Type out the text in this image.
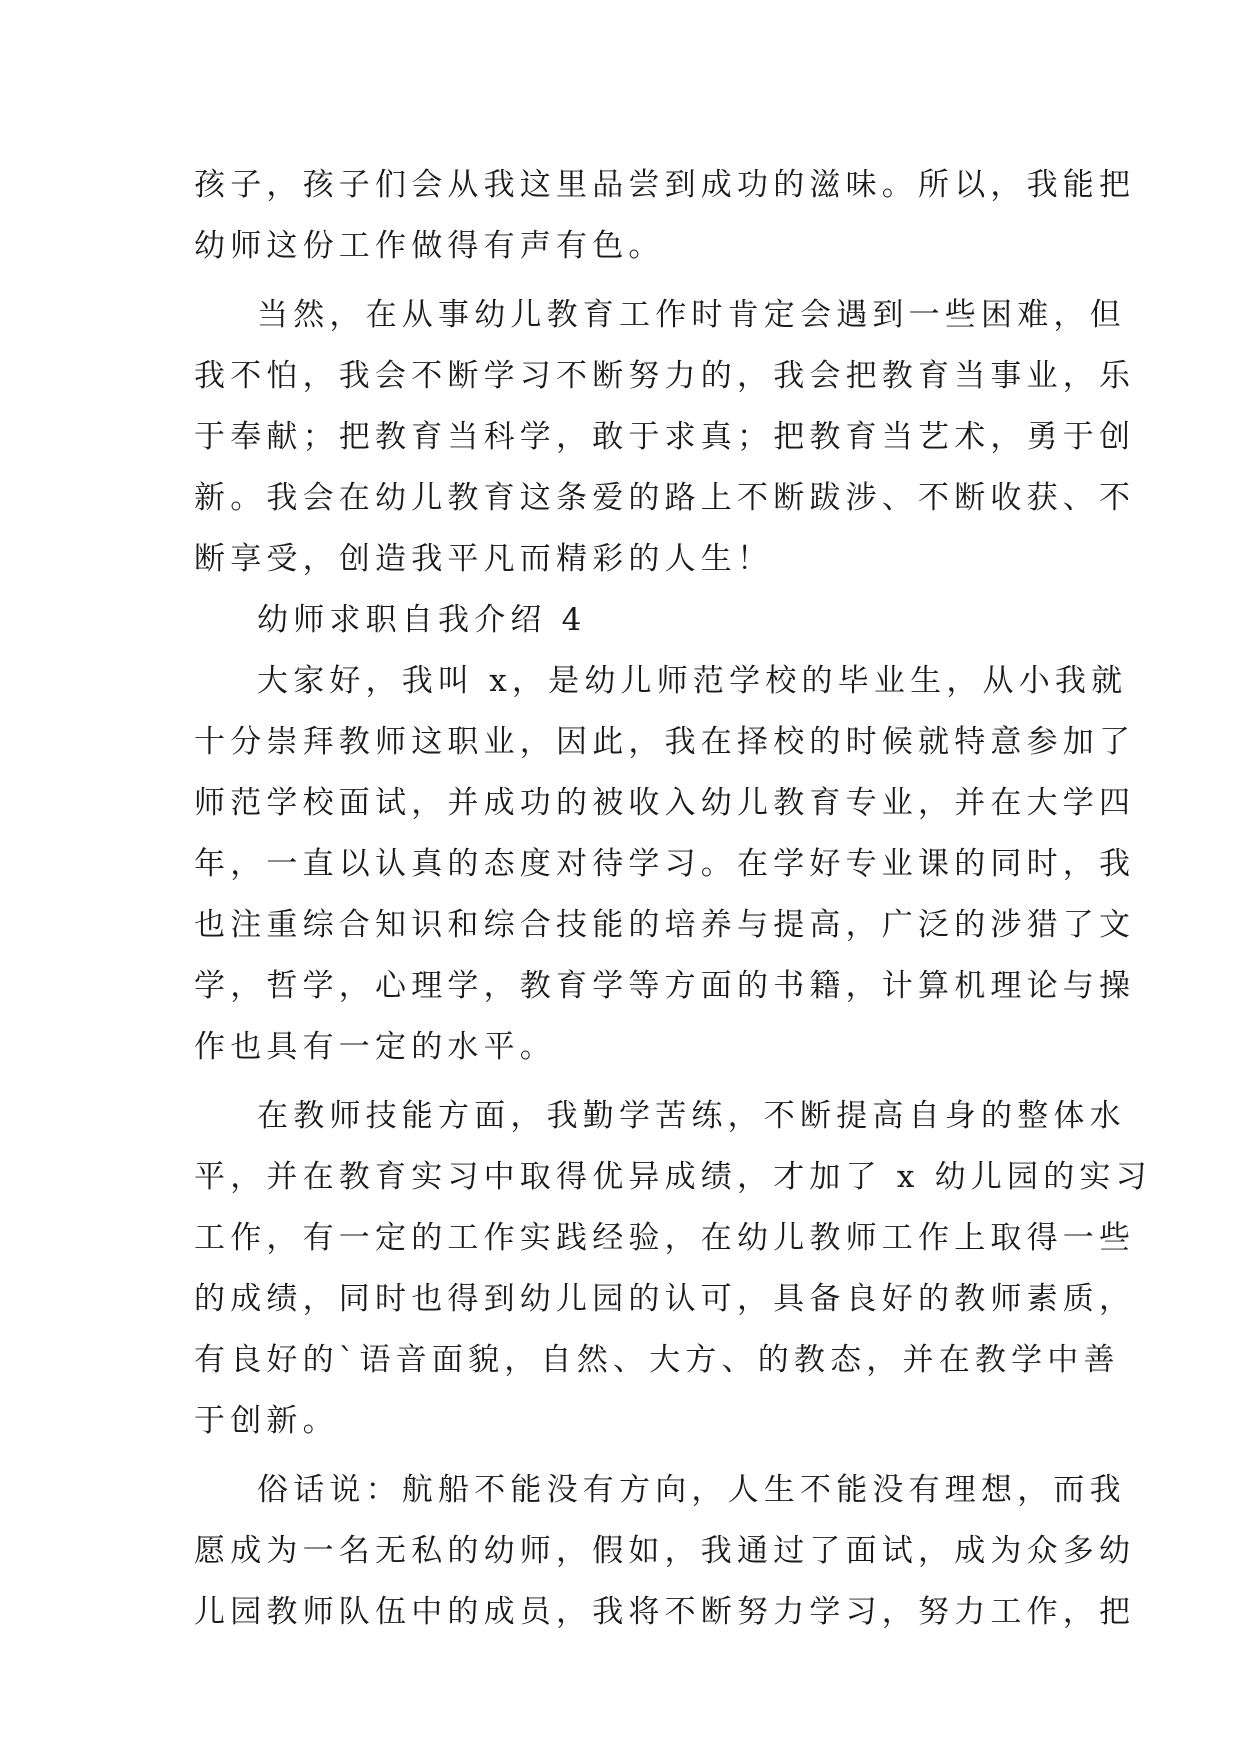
孩子，孩子们会从我这里品尝到成功的滋味。所以，我能把
幼师这份工作做得有声有色。
当然，在从事幼儿教育工作时肯定会遇到一些困难，但
我不怕，我会不断学习不断努力的，我会把教育当事业，乐
于奉献；把教育当科学，敢于求真；把教育当艺术，勇于创
新。我会在幼儿教育这条爱的路上不断跋涉、不断收获、不
断享受，创造我平凡而精彩的人生！
幼师求职自我介绍 4
大家好，我叫 x，是幼儿师范学校的毕业生，从小我就
十分崇拜教师这职业，因此，我在择校的时候就特意参加了
师范学校面试，并成功的被收入幼儿教育专业，并在大学四
年，一直以认真的态度对待学习。在学好专业课的同时，我
也注重综合知识和综合技能的培养与提高，广泛的涉猎了文
学，哲学，心理学，教育学等方面的书籍，计算机理论与操
作也具有一定的水平。
在教师技能方面，我勤学苦练，不断提高自身的整体水
平，并在教育实习中取得优异成绩，才加了 x 幼儿园的实习
工作，有一定的工作实践经验，在幼儿教师工作上取得一些
的成绩，同时也得到幼儿园的认可，具备良好的教师素质，
有良好的`语音面貌，自然、大方、的教态，并在教学中善
于创新。
俗话说：航船不能没有方向，人生不能没有理想，而我
愿成为一名无私的幼师，假如，我通过了面试，成为众多幼
儿园教师队伍中的成员，我将不断努力学习，努力工作，把
